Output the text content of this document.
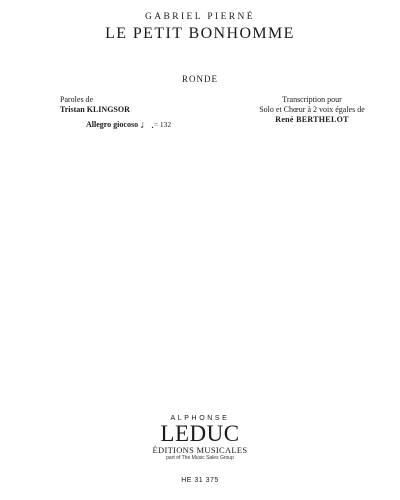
GABRIEL PIERNÉ
LE PETIT BONHOMME
RONDE
Paroles de
Tristan KLINGSOR
Allegro giocoso ♩.= 132
Transcription pour
Solo et Chœur à 2 voix égales de
René BERTHELOT
ALPHONSE
LEDUC
ÉDITIONS MUSICALES
part of The Music Sales Group
HE 31 375
